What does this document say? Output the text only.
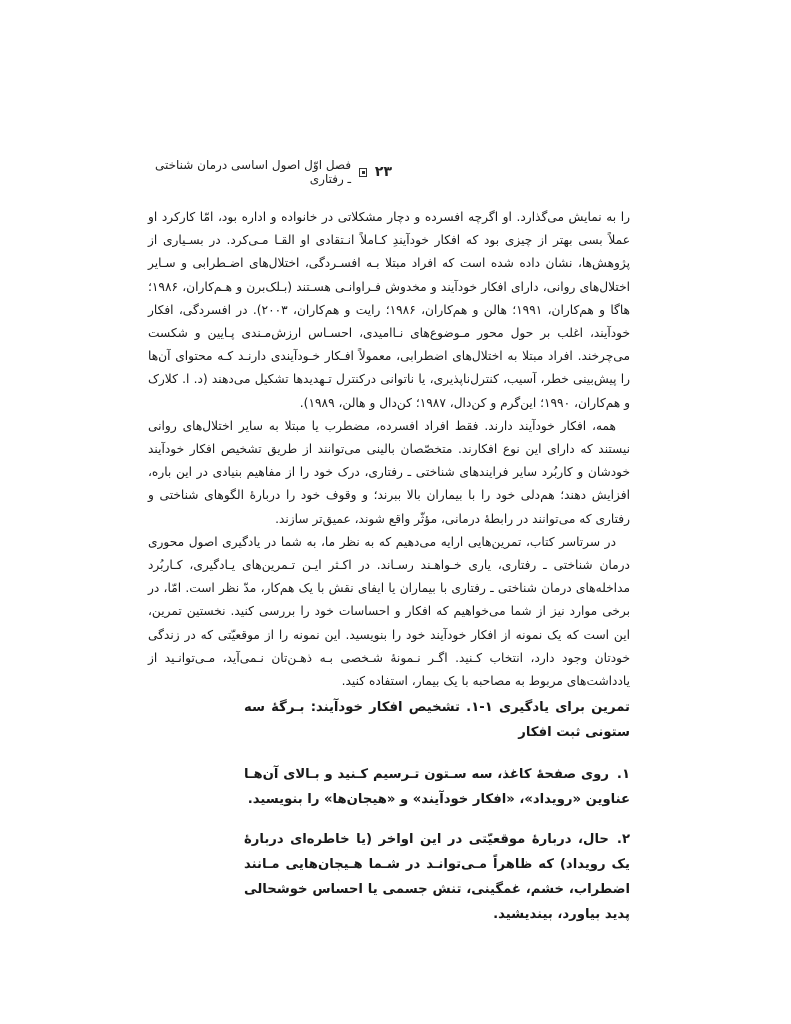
۲۳
فصل اوّل اصول اساسی درمان شناختی ـ رفتاری

را به نمایش می‌گذارد. او اگرچه افسرده و دچار مشکلاتی در خانواده و اداره بود، امّا کارکرد او عملاً بسی بهتر از چیزی بود که افکار خودآیندِ کـاملاً انـتقادی او القـا مـی‌کرد. در بسـیاری از پژوهش‌ها، نشان داده شده است که افراد مبتلا بـه افسـردگی، اختلال‌های اضـطرابی و سـایر اختلال‌های روانی، دارای افکار خودآیند و مخدوش فـراوانـی هسـتند (بـلک‌برن و هـم‌کاران، ۱۹۸۶؛ هاگا و هم‌کاران، ۱۹۹۱؛ هالن و هم‌کاران، ۱۹۸۶؛ رایت و هم‌کاران، ۲۰۰۳). در افسردگی، افکار خودآیند، اغلب بر حول محور مـوضوع‌های نـاامیدی، احسـاس ارزش‌مـندی پـایین و شکست می‌چرخند. افراد مبتلا به اختلال‌های اضطرابی، معمولاً افـکار خـودآیندی دارنـد کـه محتوای آن‌ها را پیش‌بینی خطر، آسیب، کنترل‌ناپذیری، یا ناتوانی درکنترل تـهدیدها تشکیل می‌دهند (د. ا. کلارک و هم‌کاران، ۱۹۹۰؛ این‌گرم و کن‌دال، ۱۹۸۷؛ کن‌دال و هالن، ۱۹۸۹).

همه، افکار خودآیند دارند. فقط افراد افسرده، مضطرب یا مبتلا به سایر اختلال‌های روانی نیستند که دارای این نوع افکارند. متخصّصان بالینی می‌توانند از طریق تشخیص افکار خودآیند خودشان و کاربُرد سایر فرایندهای شناختی ـ رفتاری، درک خود را از مفاهیم بنیادی در این باره، افزایش دهند؛ هم‌دلی خود را با بیماران بالا ببرند؛ و وقوف خود را دربارهٔ الگوهای شناختی و رفتاری که می‌توانند در رابطهٔ درمانی، مؤثّر واقع شوند، عمیق‌تر سازند.

در سرتاسر کتاب، تمرین‌هایی ارایه می‌دهیم که به نظر ما، به شما در یادگیری اصول محوری درمان شناختی ـ رفتاری، یاری خـواهـند رسـاند. در اکـثر ایـن تـمرین‌های یـادگیری، کـاربُرد مداخله‌های درمان شناختی ـ رفتاری با بیماران یا ایفای نقش با یک هم‌کار، مدّ نظر است. امّا، در برخی موارد نیز از شما می‌خواهیم که افکار و احساسات خود را بررسی کنید. نخستین تمرین، این است که یک نمونه از افکار خودآیند خود را بنویسید. این نمونه را از موقعیّتی که در زندگی خودتان وجود دارد، انتخاب کـنید. اگـر نـمونهٔ شـخصی بـه ذهـن‌تان نـمی‌آید، مـی‌توانـید از یادداشت‌های مربوط به مصاحبه با یک بیمار، استفاده کنید.

تمرین برای یادگیری ۱-۱. تشخیص افکار خودآیند: بـرگهٔ سه ستونی ثبت افکار
۱.روی صفحهٔ کاغذ، سه سـتون تـرسیم کـنید و بـالای آن‌هـا عناوین «رویداد»، «افکار خودآیند» و «هیجان‌ها» را بنویسید.
۲.حال، دربارهٔ موقعیّتی در این اواخر (یا خاطره‌ای دربارهٔ یک رویداد) که ظاهراً مـی‌توانـد در شـما هـیجان‌هایی مـانند اضطراب، خشم، غمگینی، تنش جسمی یا احساس خوشحالی پدید بیاورد، بیندیشید.
